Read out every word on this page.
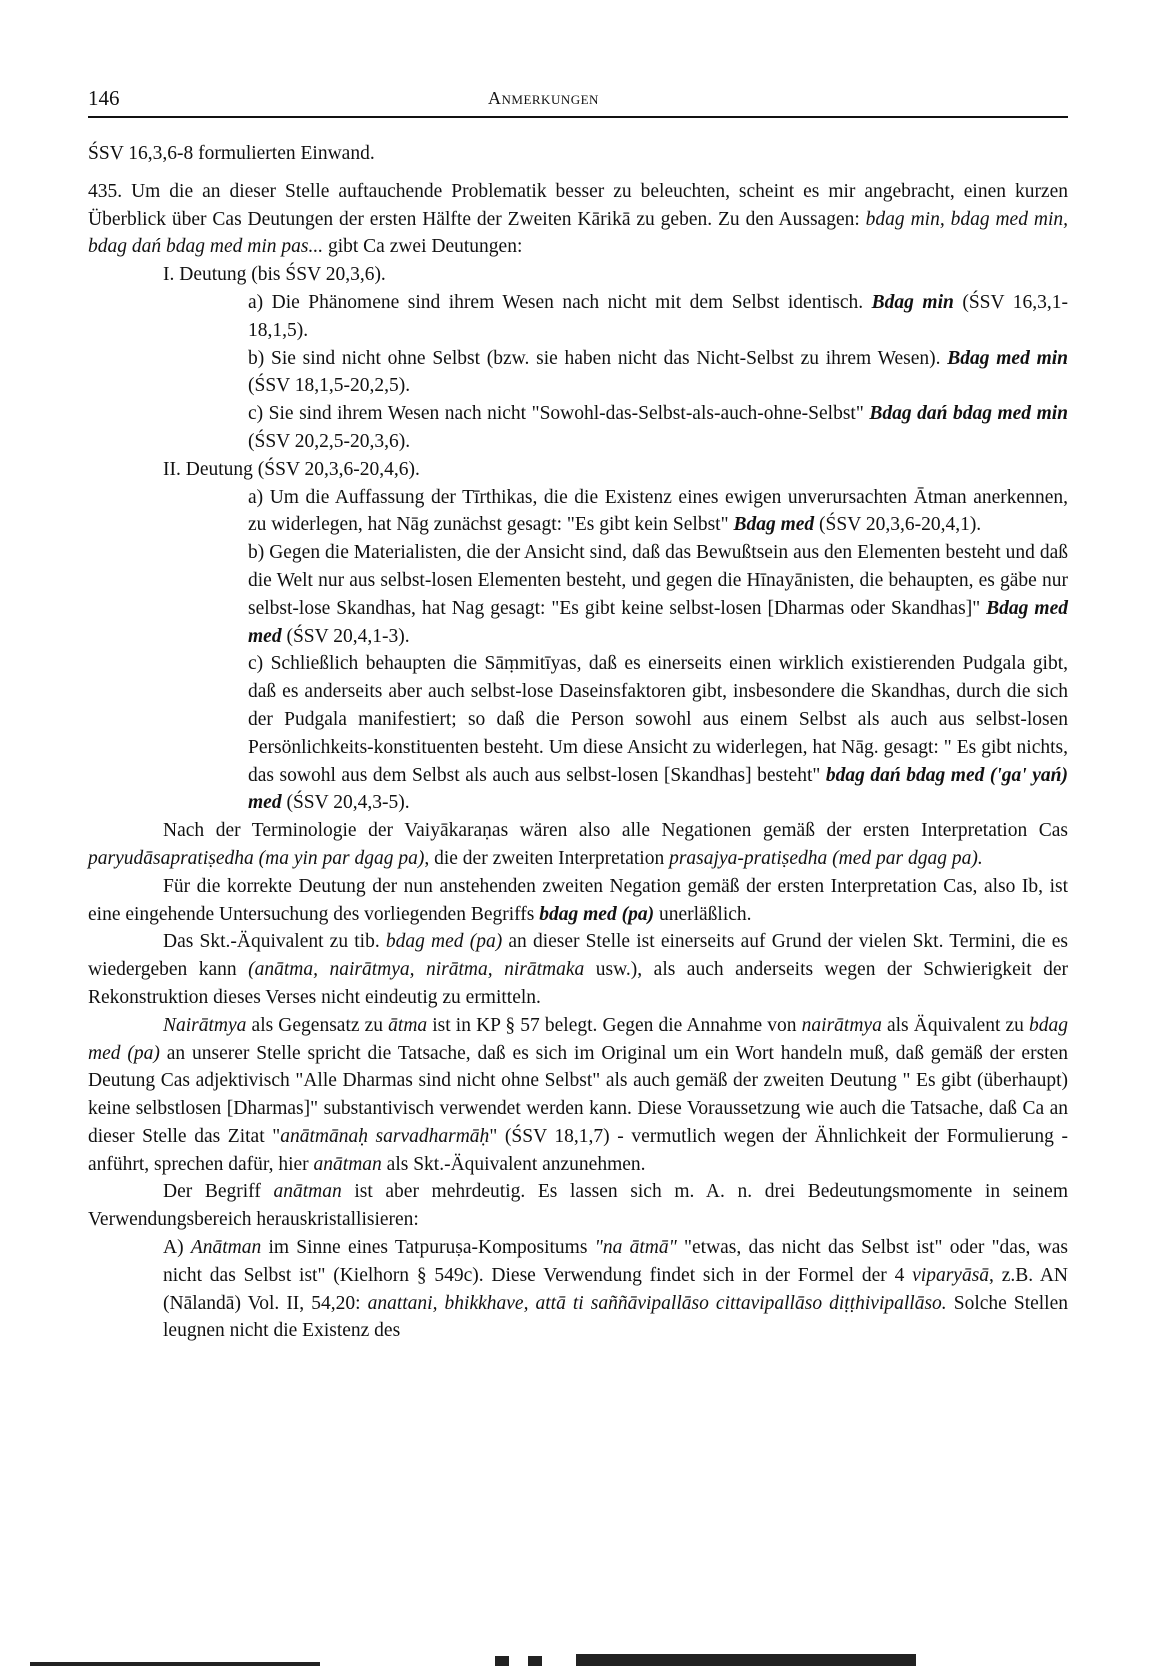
146	Anmerkungen

ŚSV 16,3,6-8 formulierten Einwand.

435. Um die an dieser Stelle auftauchende Problematik besser zu beleuchten, scheint es mir angebracht, einen kurzen Überblick über Cas Deutungen der ersten Hälfte der Zweiten Kārikā zu geben. Zu den Aussagen: bdag min, bdag med min, bdag dań bdag med min pas... gibt Ca zwei Deutungen:

I. Deutung (bis ŚSV 20,3,6).

a) Die Phänomene sind ihrem Wesen nach nicht mit dem Selbst identisch. Bdag min (ŚSV 16,3,1-18,1,5).

b) Sie sind nicht ohne Selbst (bzw. sie haben nicht das Nicht-Selbst zu ihrem Wesen). Bdag med min (ŚSV 18,1,5-20,2,5).

c) Sie sind ihrem Wesen nach nicht "Sowohl-das-Selbst-als-auch-ohne-Selbst" Bdag dań bdag med min (ŚSV 20,2,5-20,3,6).

II. Deutung (ŚSV 20,3,6-20,4,6).

a) Um die Auffassung der Tīrthikas, die die Existenz eines ewigen unverursachten Ātman anerkennen, zu widerlegen, hat Nāg zunächst gesagt: "Es gibt kein Selbst" Bdag med (ŚSV 20,3,6-20,4,1).

b) Gegen die Materialisten, die der Ansicht sind, daß das Bewußtsein aus den Elementen besteht und daß die Welt nur aus selbst-losen Elementen besteht, und gegen die Hīnayānisten, die behaupten, es gäbe nur selbst-lose Skandhas, hat Nag gesagt: "Es gibt keine selbst-losen [Dharmas oder Skandhas]" Bdag med med (ŚSV 20,4,1-3).

c) Schließlich behaupten die Sāṃmitīyas, daß es einerseits einen wirklich existierenden Pudgala gibt, daß es anderseits aber auch selbst-lose Daseinsfaktoren gibt, insbesondere die Skandhas, durch die sich der Pudgala manifestiert; so daß die Person sowohl aus einem Selbst als auch aus selbst-losen Persönlichkeits-konstituenten besteht. Um diese Ansicht zu widerlegen, hat Nāg. gesagt: " Es gibt nichts, das sowohl aus dem Selbst als auch aus selbst-losen [Skandhas] besteht" bdag dań bdag med ('ga' yań) med (ŚSV 20,4,3-5).

Nach der Terminologie der Vaiyākaraṇas wären also alle Negationen gemäß der ersten Interpretation Cas paryudāsapratiṣedha (ma yin par dgag pa), die der zweiten Interpretation prasajya-pratiṣedha (med par dgag pa).

Für die korrekte Deutung der nun anstehenden zweiten Negation gemäß der ersten Interpretation Cas, also Ib, ist eine eingehende Untersuchung des vorliegenden Begriffs bdag med (pa) unerläßlich.

Das Skt.-Äquivalent zu tib. bdag med (pa) an dieser Stelle ist einerseits auf Grund der vielen Skt. Termini, die es wiedergeben kann (anātma, nairātmya, nirātma, nirātmaka usw.), als auch anderseits wegen der Schwierigkeit der Rekonstruktion dieses Verses nicht eindeutig zu ermitteln.

Nairātmya als Gegensatz zu ātma ist in KP § 57 belegt. Gegen die Annahme von nairātmya als Äquivalent zu bdag med (pa) an unserer Stelle spricht die Tatsache, daß es sich im Original um ein Wort handeln muß, daß gemäß der ersten Deutung Cas adjektivisch "Alle Dharmas sind nicht ohne Selbst" als auch gemäß der zweiten Deutung " Es gibt (überhaupt) keine selbstlosen [Dharmas]" substantivisch verwendet werden kann. Diese Voraussetzung wie auch die Tatsache, daß Ca an dieser Stelle das Zitat "anātmānaḥ sarvadharmāḥ" (ŚSV 18,1,7) - vermutlich wegen der Ähnlichkeit der Formulierung - anführt, sprechen dafür, hier anātman als Skt.-Äquivalent anzunehmen.

Der Begriff anātman ist aber mehrdeutig. Es lassen sich m. A. n. drei Bedeutungsmomente in seinem Verwendungsbereich herauskristallisieren:

A) Anātman im Sinne eines Tatpuruṣa-Kompositums "na ātmā" "etwas, das nicht das Selbst ist" oder "das, was nicht das Selbst ist" (Kielhorn § 549c). Diese Verwendung findet sich in der Formel der 4 viparyāsā, z.B. AN (Nālandā) Vol. II, 54,20: anattani, bhikkhave, attā ti saññāvipallāso cittavipallāso diṭṭhivipallāso. Solche Stellen leugnen nicht die Existenz des
